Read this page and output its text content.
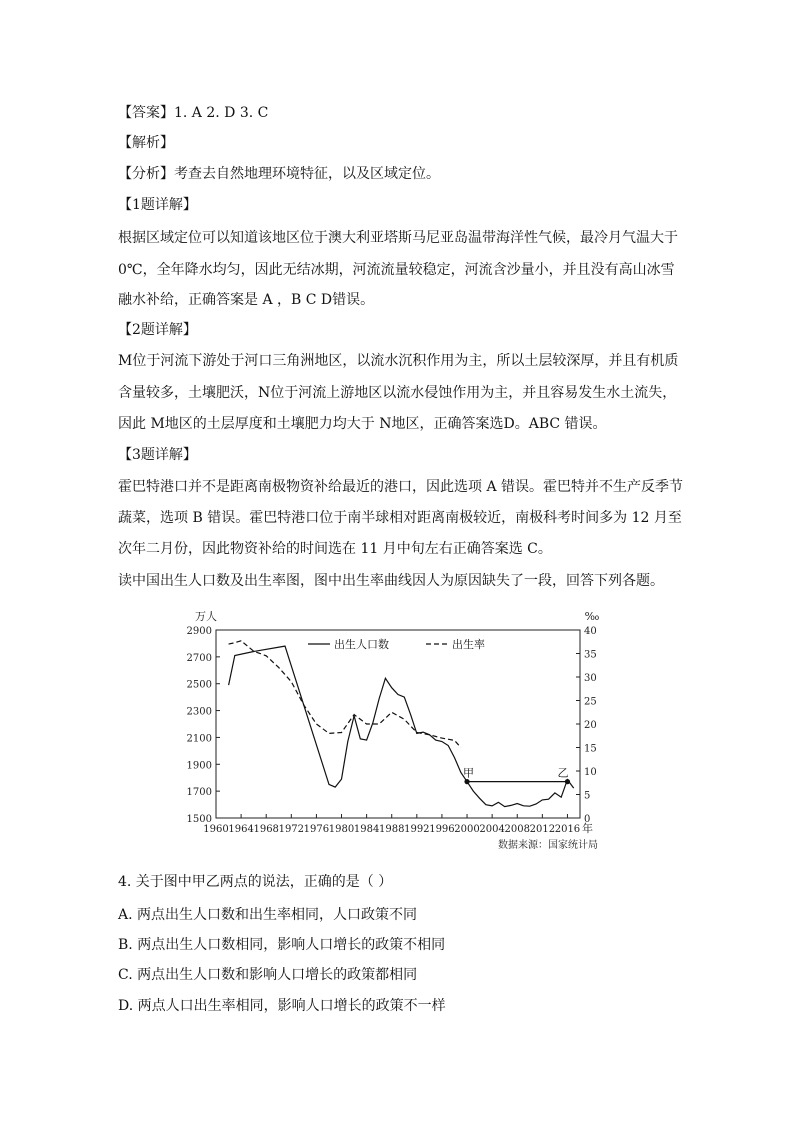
【答案】1. A 2. D 3. C
【解析】
【分析】考查去自然地理环境特征，以及区域定位。
【1题详解】
根据区域定位可以知道该地区位于澳大利亚塔斯马尼亚岛温带海洋性气候，最冷月气温大于
0℃，全年降水均匀，因此无结冰期，河流流量较稳定，河流含沙量小，并且没有高山冰雪
融水补给，正确答案是 A ，B C D错误。
【2题详解】
M位于河流下游处于河口三角洲地区，以流水沉积作用为主，所以土层较深厚，并且有机质
含量较多，土壤肥沃，N位于河流上游地区以流水侵蚀作用为主，并且容易发生水土流失，
因此 M地区的土层厚度和土壤肥力均大于 N地区，正确答案选D。ABC 错误。
【3题详解】
霍巴特港口并不是距离南极物资补给最近的港口，因此选项 A 错误。霍巴特并不生产反季节
蔬菜，选项 B 错误。霍巴特港口位于南半球相对距离南极较近，南极科考时间多为 12 月至
次年二月份，因此物资补给的时间选在 11 月中旬左右正确答案选 C。
读中国出生人口数及出生率图，图中出生率曲线因人为原因缺失了一段，回答下列各题。
1960 1964 1968 1972 1976 1980 1984 1988 1992 1996 2000 2004 2008 2012 2016 年
1500
1700
1900
2100
2300
2500
2700
2900
万人
0
5
10
15
20
25
30
35
40
‰
出生人口数	出生率
甲	乙
数据来源：国家统计局
4. 关于图中甲乙两点的说法，正确的是（ ）
A. 两点出生人口数和出生率相同，人口政策不同
B. 两点出生人口数相同，影响人口增长的政策不相同
C. 两点出生人口数和影响人口增长的政策都相同
D. 两点人口出生率相同，影响人口增长的政策不一样
